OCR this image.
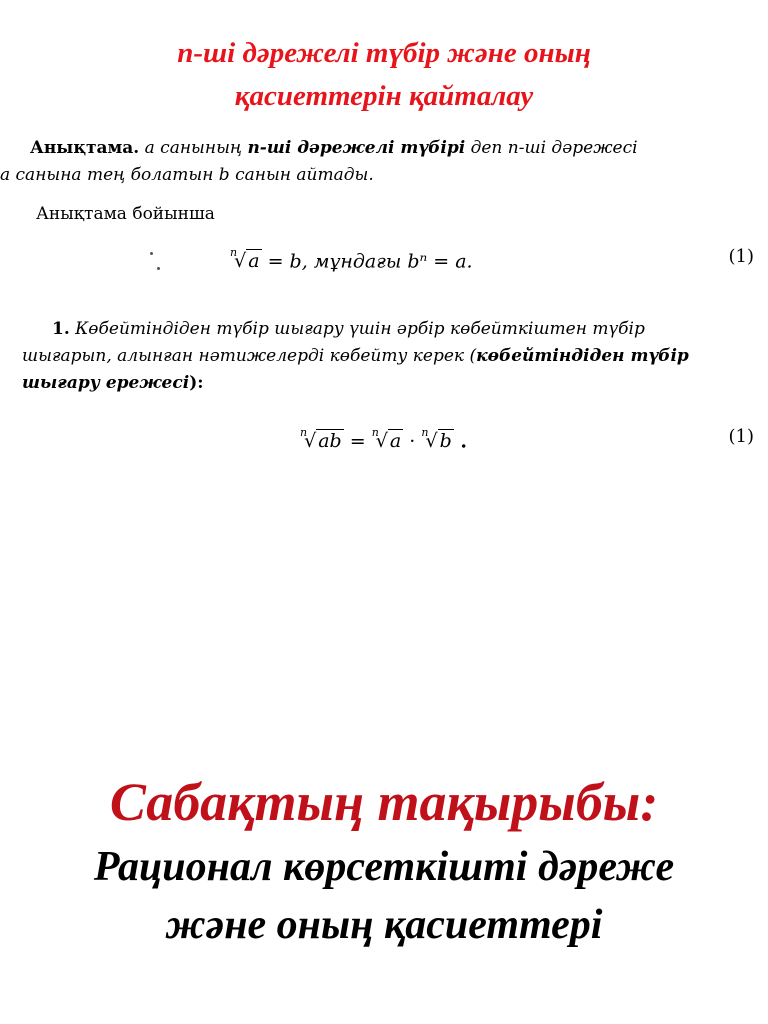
n-ші дәрежелі түбір және оның
қасиеттерін қайталау

Анықтама. a санының n-ші дәрежелі түбірі деп n-ші дәрежесі

a санына тең болатын b санын айтады.

Анықтама бойынша
$^n$√ a = b, мұндағы bⁿ = a.	(1)

1. Көбейтіндіден түбір шығару үшін әрбір көбейткіштен түбір

шығарып, алынған нәтижелерді көбейту керек (көбейтіндіден түбір

шығару ережесі):

$^n$√ ab = $^n$√ a · $^n$√ b .	(1)
Сабақтың тақырыбы:
Рационал көрсеткішті дәреже
және оның қасиеттері
